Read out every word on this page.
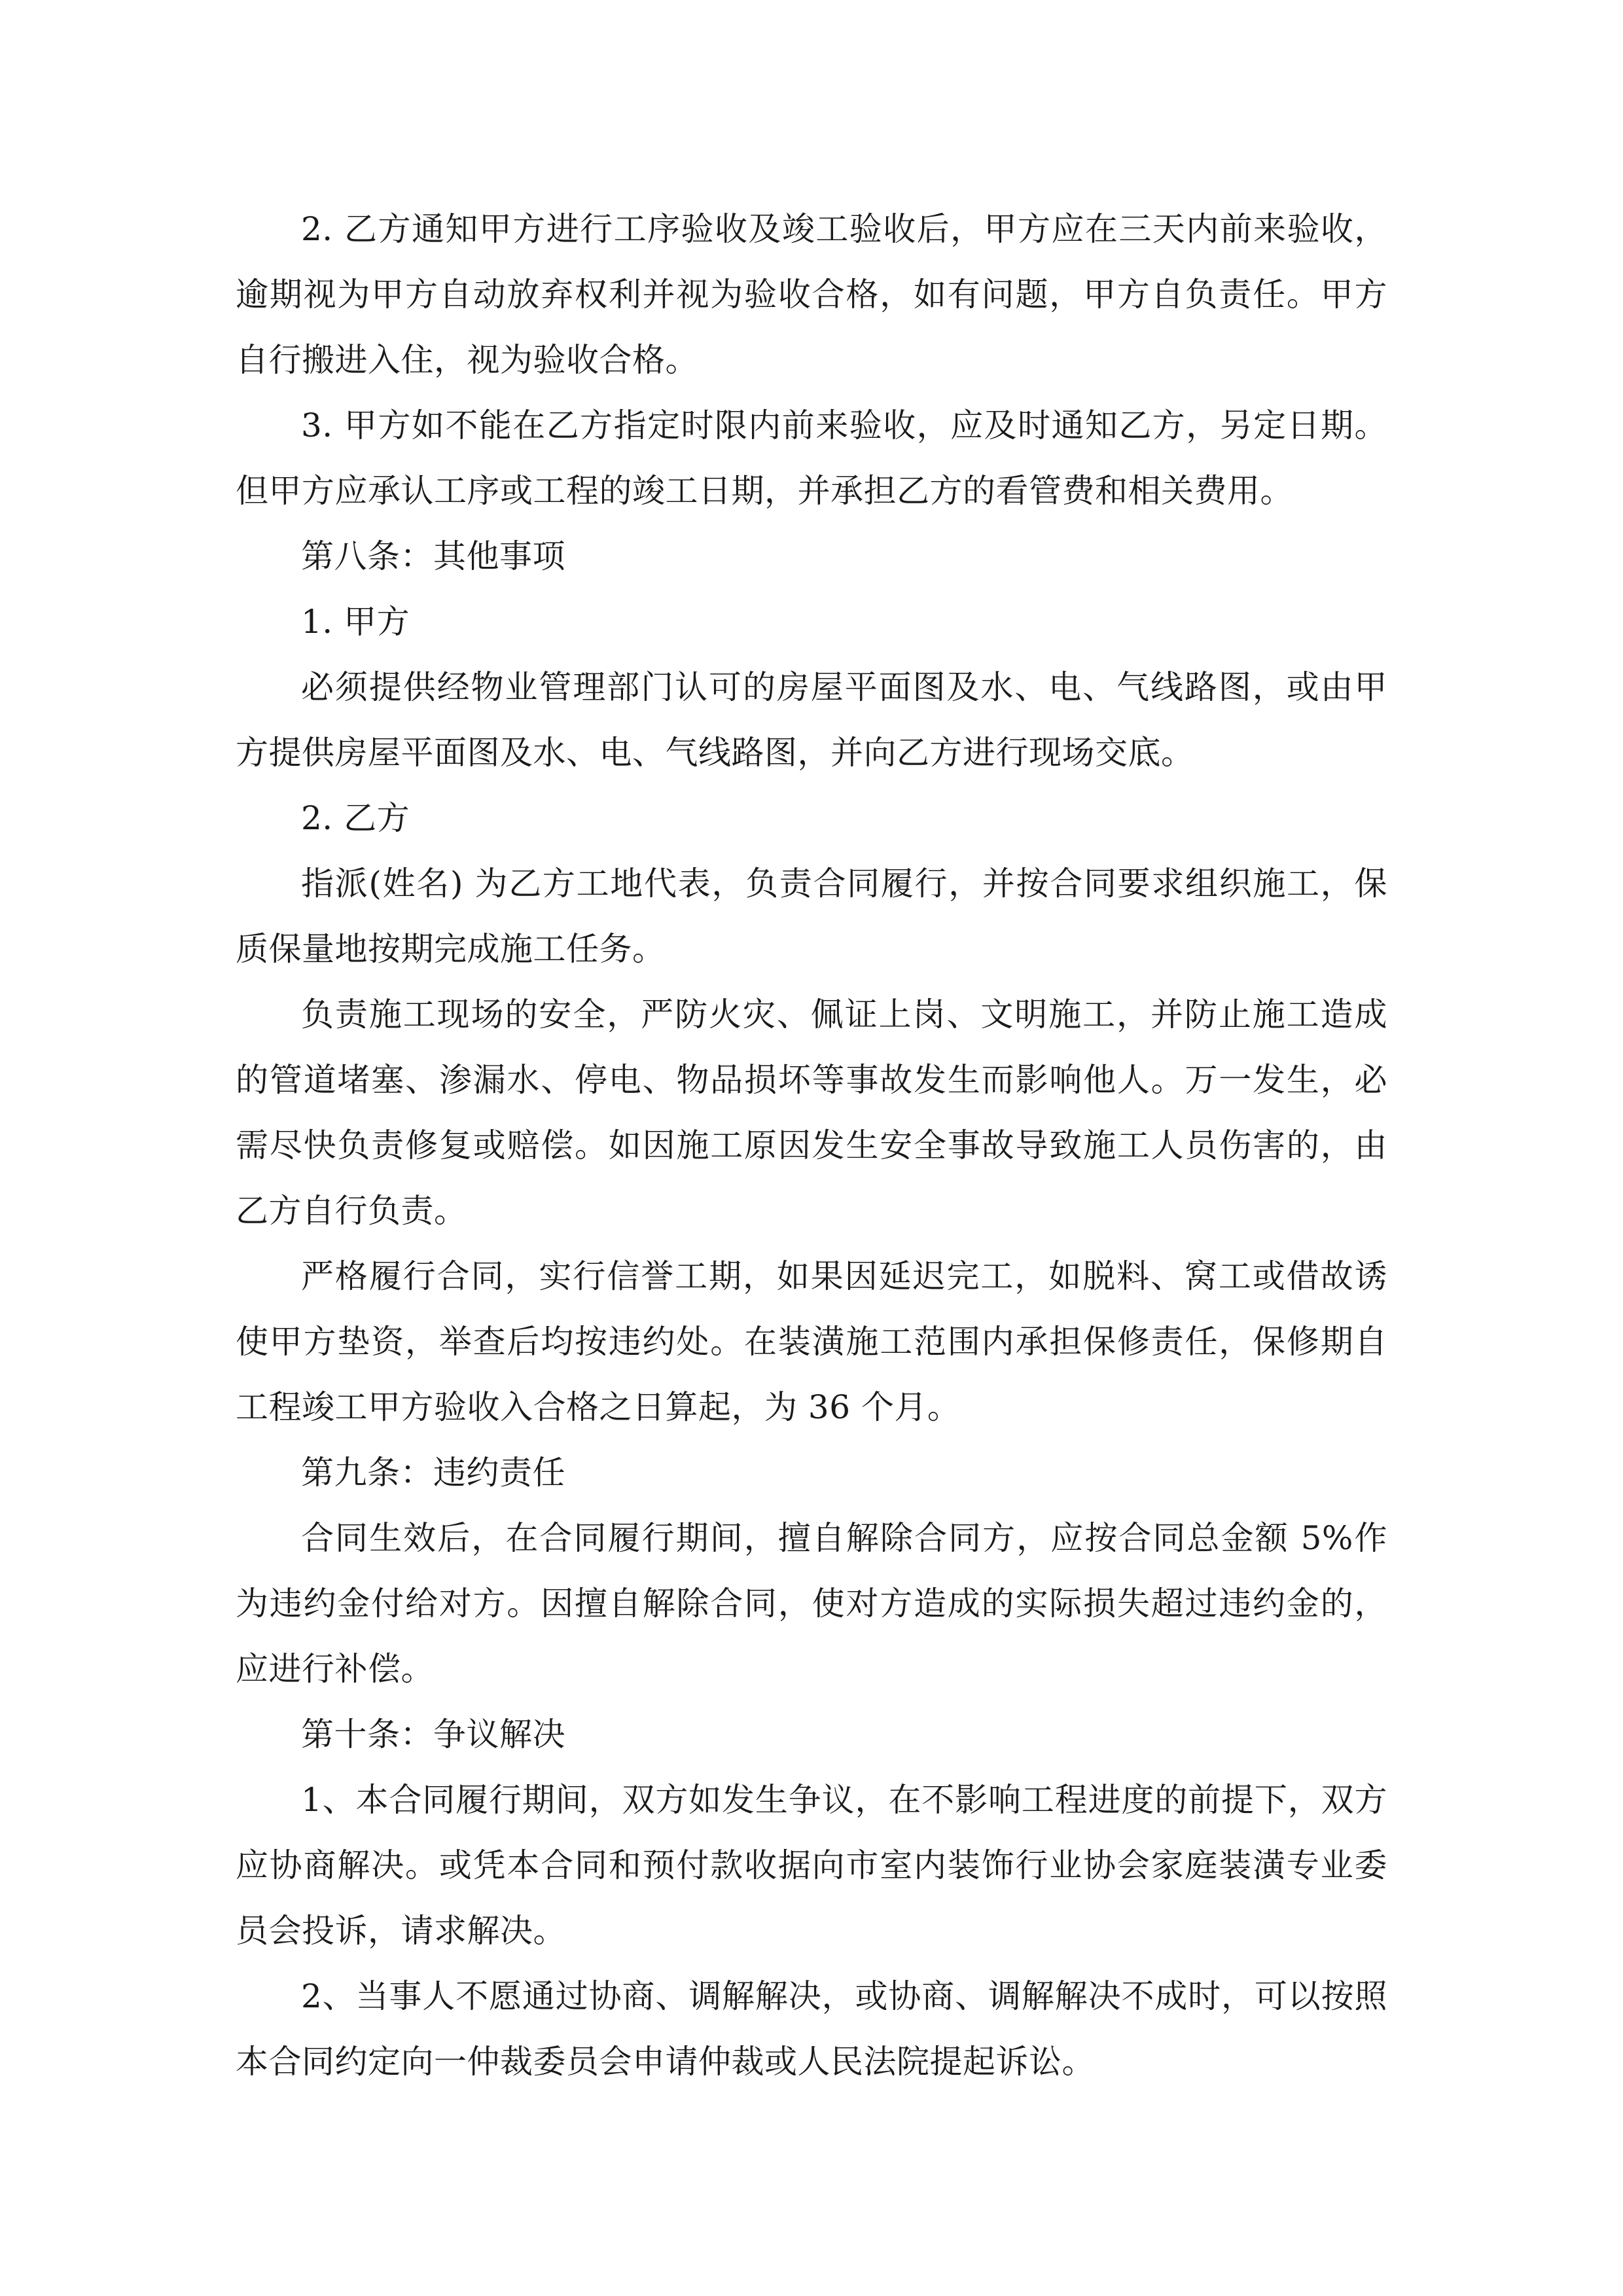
2. 乙方通知甲方进行工序验收及竣工验收后，甲方应在三天内前来验收，逾期视为甲方自动放弃权利并视为验收合格，如有问题，甲方自负责任。甲方自行搬进入住，视为验收合格。

3. 甲方如不能在乙方指定时限内前来验收，应及时通知乙方，另定日期。但甲方应承认工序或工程的竣工日期，并承担乙方的看管费和相关费用。

第八条：其他事项

1. 甲方

必须提供经物业管理部门认可的房屋平面图及水、电、气线路图，或由甲方提供房屋平面图及水、电、气线路图，并向乙方进行现场交底。

2. 乙方

指派(姓名) 为乙方工地代表，负责合同履行，并按合同要求组织施工，保质保量地按期完成施工任务。

负责施工现场的安全，严防火灾、佩证上岗、文明施工，并防止施工造成的管道堵塞、渗漏水、停电、物品损坏等事故发生而影响他人。万一发生，必需尽快负责修复或赔偿。如因施工原因发生安全事故导致施工人员伤害的，由乙方自行负责。

严格履行合同，实行信誉工期，如果因延迟完工，如脱料、窝工或借故诱使甲方垫资，举查后均按违约处。在装潢施工范围内承担保修责任，保修期自工程竣工甲方验收入合格之日算起，为 36 个月。

第九条：违约责任

合同生效后，在合同履行期间，擅自解除合同方，应按合同总金额 5%作为违约金付给对方。因擅自解除合同，使对方造成的实际损失超过违约金的，应进行补偿。

第十条：争议解决

1、本合同履行期间，双方如发生争议，在不影响工程进度的前提下，双方应协商解决。或凭本合同和预付款收据向市室内装饰行业协会家庭装潢专业委员会投诉，请求解决。

2、当事人不愿通过协商、调解解决，或协商、调解解决不成时，可以按照本合同约定向一仲裁委员会申请仲裁或人民法院提起诉讼。
